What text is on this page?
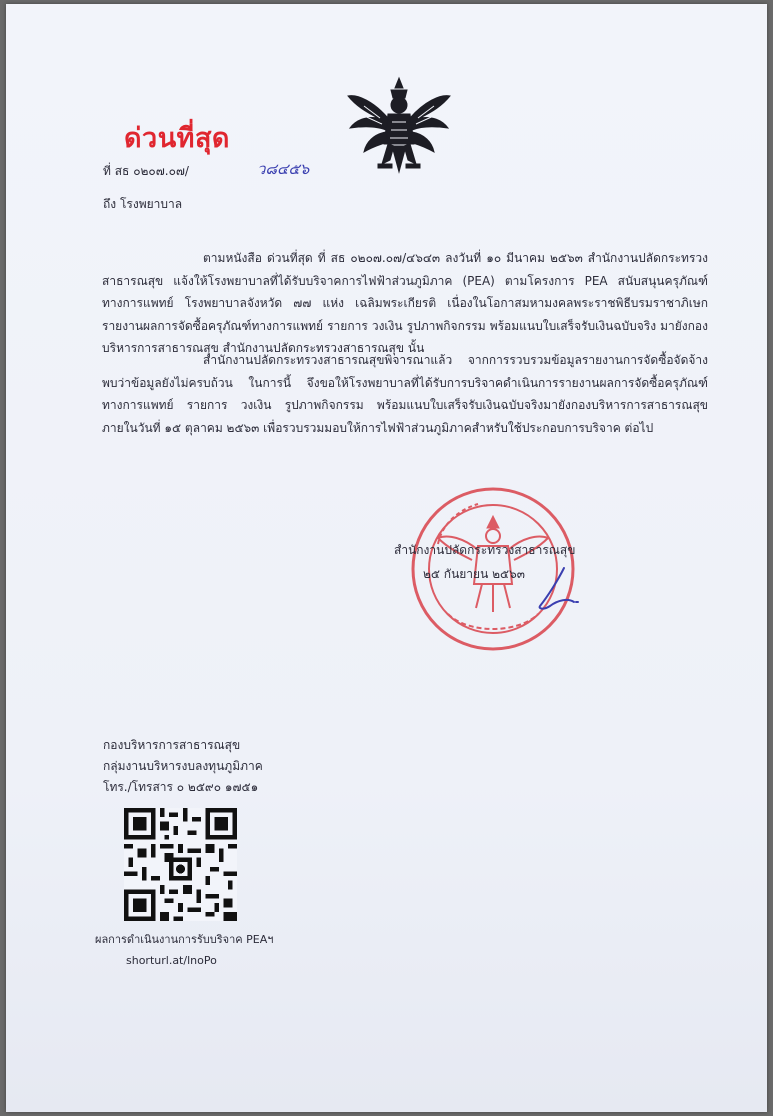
ด่วนที่สุด
ที่ สธ ๐๒๐๗.๐๗/	ว๘๔๕๖
ถึง โรงพยาบาล

ตามหนังสือ ด่วนที่สุด ที่ สธ ๐๒๐๗.๐๗/๔๖๔๓ ลงวันที่ ๑๐ มีนาคม ๒๕๖๓ สำนักงานปลัดกระทรวงสาธารณสุข แจ้งให้โรงพยาบาลที่ได้รับบริจาคการไฟฟ้าส่วนภูมิภาค (PEA) ตามโครงการ PEA สนับสนุนครุภัณฑ์ทางการแพทย์ โรงพยาบาลจังหวัด ๗๗ แห่ง เฉลิมพระเกียรติ เนื่องในโอกาสมหามงคลพระราชพิธีบรมราชาภิเษก รายงานผลการจัดซื้อครุภัณฑ์ทางการแพทย์ รายการ วงเงิน รูปภาพกิจกรรม พร้อมแนบใบเสร็จรับเงินฉบับจริง มายังกองบริหารการสาธารณสุข สำนักงานปลัดกระทรวงสาธารณสุข นั้น

สำนักงานปลัดกระทรวงสาธารณสุขพิจารณาแล้ว จากการรวบรวมข้อมูลรายงานการจัดซื้อจัดจ้าง พบว่าข้อมูลยังไม่ครบถ้วน ในการนี้ จึงขอให้โรงพยาบาลที่ได้รับการบริจาคดำเนินการรายงานผลการจัดซื้อครุภัณฑ์ทางการแพทย์ รายการ วงเงิน รูปภาพกิจกรรม พร้อมแนบใบเสร็จรับเงินฉบับจริงมายังกองบริหารการสาธารณสุข ภายในวันที่ ๑๕ ตุลาคม ๒๕๖๓ เพื่อรวบรวมมอบให้การไฟฟ้าส่วนภูมิภาคสำหรับใช้ประกอบการบริจาค ต่อไป

สำนักงานปลัดกระทรวงสาธารณสุข
๒๕ กันยายน ๒๕๖๓
กองบริหารการสาธารณสุข
กลุ่มงานบริหารงบลงทุนภูมิภาค
โทร./โทรสาร ๐ ๒๕๙๐ ๑๗๕๑
ผลการดำเนินงานการรับบริจาค PEAฯ
shorturl.at/lnoPo
